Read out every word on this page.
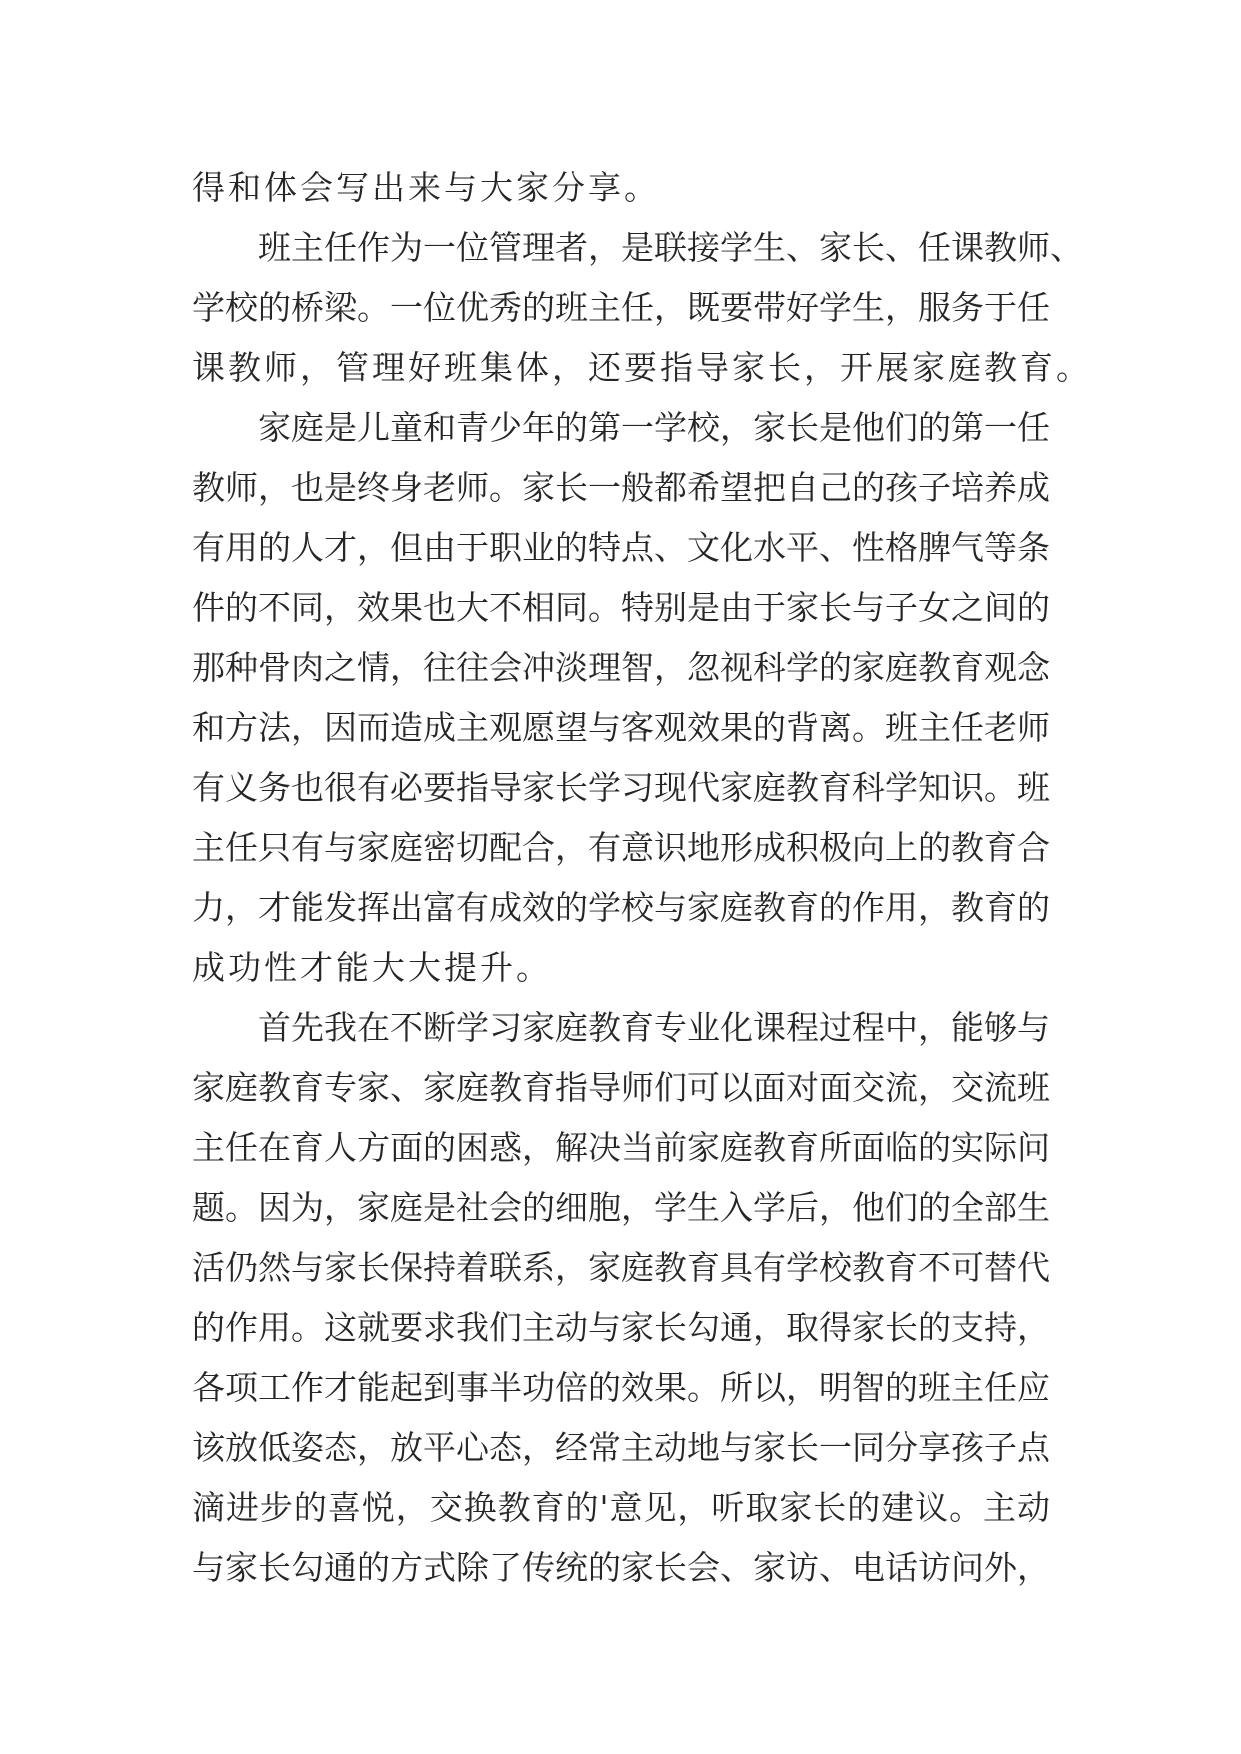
得和体会写出来与大家分享。
班主任作为一位管理者，是联接学生、家长、任课教师、
学校的桥梁。一位优秀的班主任，既要带好学生，服务于任
课教师，管理好班集体，还要指导家长，开展家庭教育。
家庭是儿童和青少年的第一学校，家长是他们的第一任
教师，也是终身老师。家长一般都希望把自己的孩子培养成
有用的人才，但由于职业的特点、文化水平、性格脾气等条
件的不同，效果也大不相同。特别是由于家长与子女之间的
那种骨肉之情，往往会冲淡理智，忽视科学的家庭教育观念
和方法，因而造成主观愿望与客观效果的背离。班主任老师
有义务也很有必要指导家长学习现代家庭教育科学知识。班
主任只有与家庭密切配合，有意识地形成积极向上的教育合
力，才能发挥出富有成效的学校与家庭教育的作用，教育的
成功性才能大大提升。
首先我在不断学习家庭教育专业化课程过程中，能够与
家庭教育专家、家庭教育指导师们可以面对面交流，交流班
主任在育人方面的困惑，解决当前家庭教育所面临的实际问
题。因为，家庭是社会的细胞，学生入学后，他们的全部生
活仍然与家长保持着联系，家庭教育具有学校教育不可替代
的作用。这就要求我们主动与家长勾通，取得家长的支持，
各项工作才能起到事半功倍的效果。所以，明智的班主任应
该放低姿态，放平心态，经常主动地与家长一同分享孩子点
滴进步的喜悦，交换教育的'意见，听取家长的建议。主动
与家长勾通的方式除了传统的家长会、家访、电话访问外，
